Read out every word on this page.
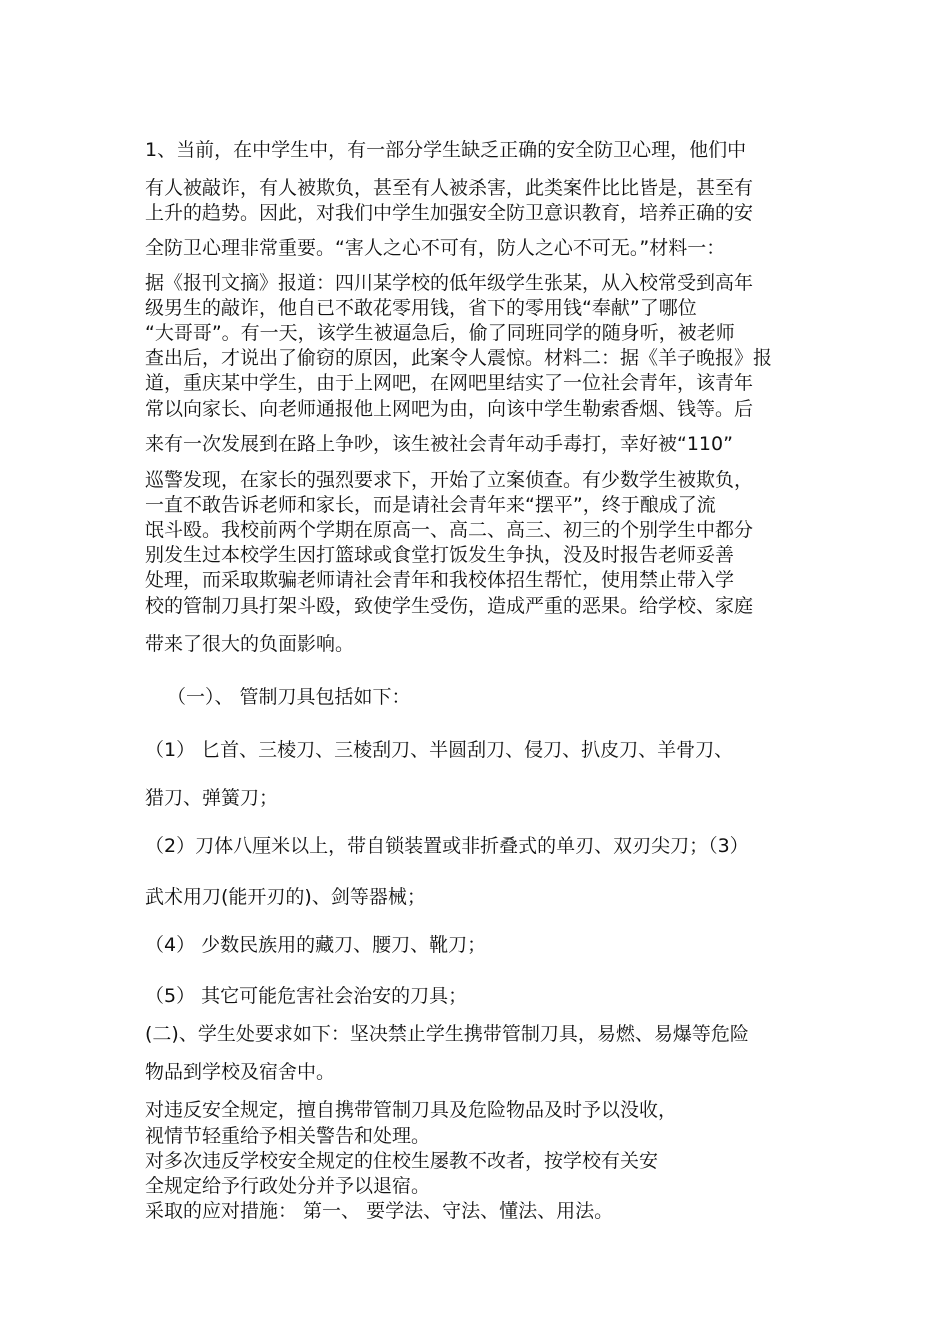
1、当前，在中学生中，有一部分学生缺乏正确的安全防卫心理，他们中
有人被敲诈，有人被欺负，甚至有人被杀害，此类案件比比皆是，甚至有
上升的趋势。因此，对我们中学生加强安全防卫意识教育，培养正确的安
全防卫心理非常重要。“害人之心不可有，防人之心不可无。”材料一：
据《报刊文摘》报道：四川某学校的低年级学生张某，从入校常受到高年
级男生的敲诈，他自已不敢花零用钱，省下的零用钱“奉献”了哪位
“大哥哥”。有一天，该学生被逼急后，偷了同班同学的随身听，被老师
查出后，才说出了偷窃的原因，此案令人震惊。材料二：据《羊子晚报》报
道，重庆某中学生，由于上网吧，在网吧里结实了一位社会青年，该青年
常以向家长、向老师通报他上网吧为由，向该中学生勒索香烟、钱等。后
来有一次发展到在路上争吵，该生被社会青年动手毒打，幸好被“110”
巡警发现，在家长的强烈要求下，开始了立案侦查。有少数学生被欺负，
一直不敢告诉老师和家长，而是请社会青年来“摆平”，终于酿成了流
氓斗殴。我校前两个学期在原高一、高二、高三、初三的个别学生中都分
别发生过本校学生因打篮球或食堂打饭发生争执，没及时报告老师妥善
处理，而采取欺骗老师请社会青年和我校体招生帮忙，使用禁止带入学
校的管制刀具打架斗殴，致使学生受伤，造成严重的恶果。给学校、家庭
带来了很大的负面影响。
（一）、 管制刀具包括如下：
（1） 匕首、三棱刀、三棱刮刀、半圆刮刀、侵刀、扒皮刀、羊骨刀、
猎刀、弹簧刀；
（2）刀体八厘米以上，带自锁装置或非折叠式的单刃、双刃尖刀；（3）
武术用刀(能开刃的)、剑等器械；
（4） 少数民族用的藏刀、腰刀、靴刀；
（5） 其它可能危害社会治安的刀具；
(二)、学生处要求如下：坚决禁止学生携带管制刀具，易燃、易爆等危险
物品到学校及宿舍中。
对违反安全规定，擅自携带管制刀具及危险物品及时予以没收，
视情节轻重给予相关警告和处理。
对多次违反学校安全规定的住校生屡教不改者，按学校有关安
全规定给予行政处分并予以退宿。
采取的应对措施： 第一、 要学法、守法、懂法、用法。
